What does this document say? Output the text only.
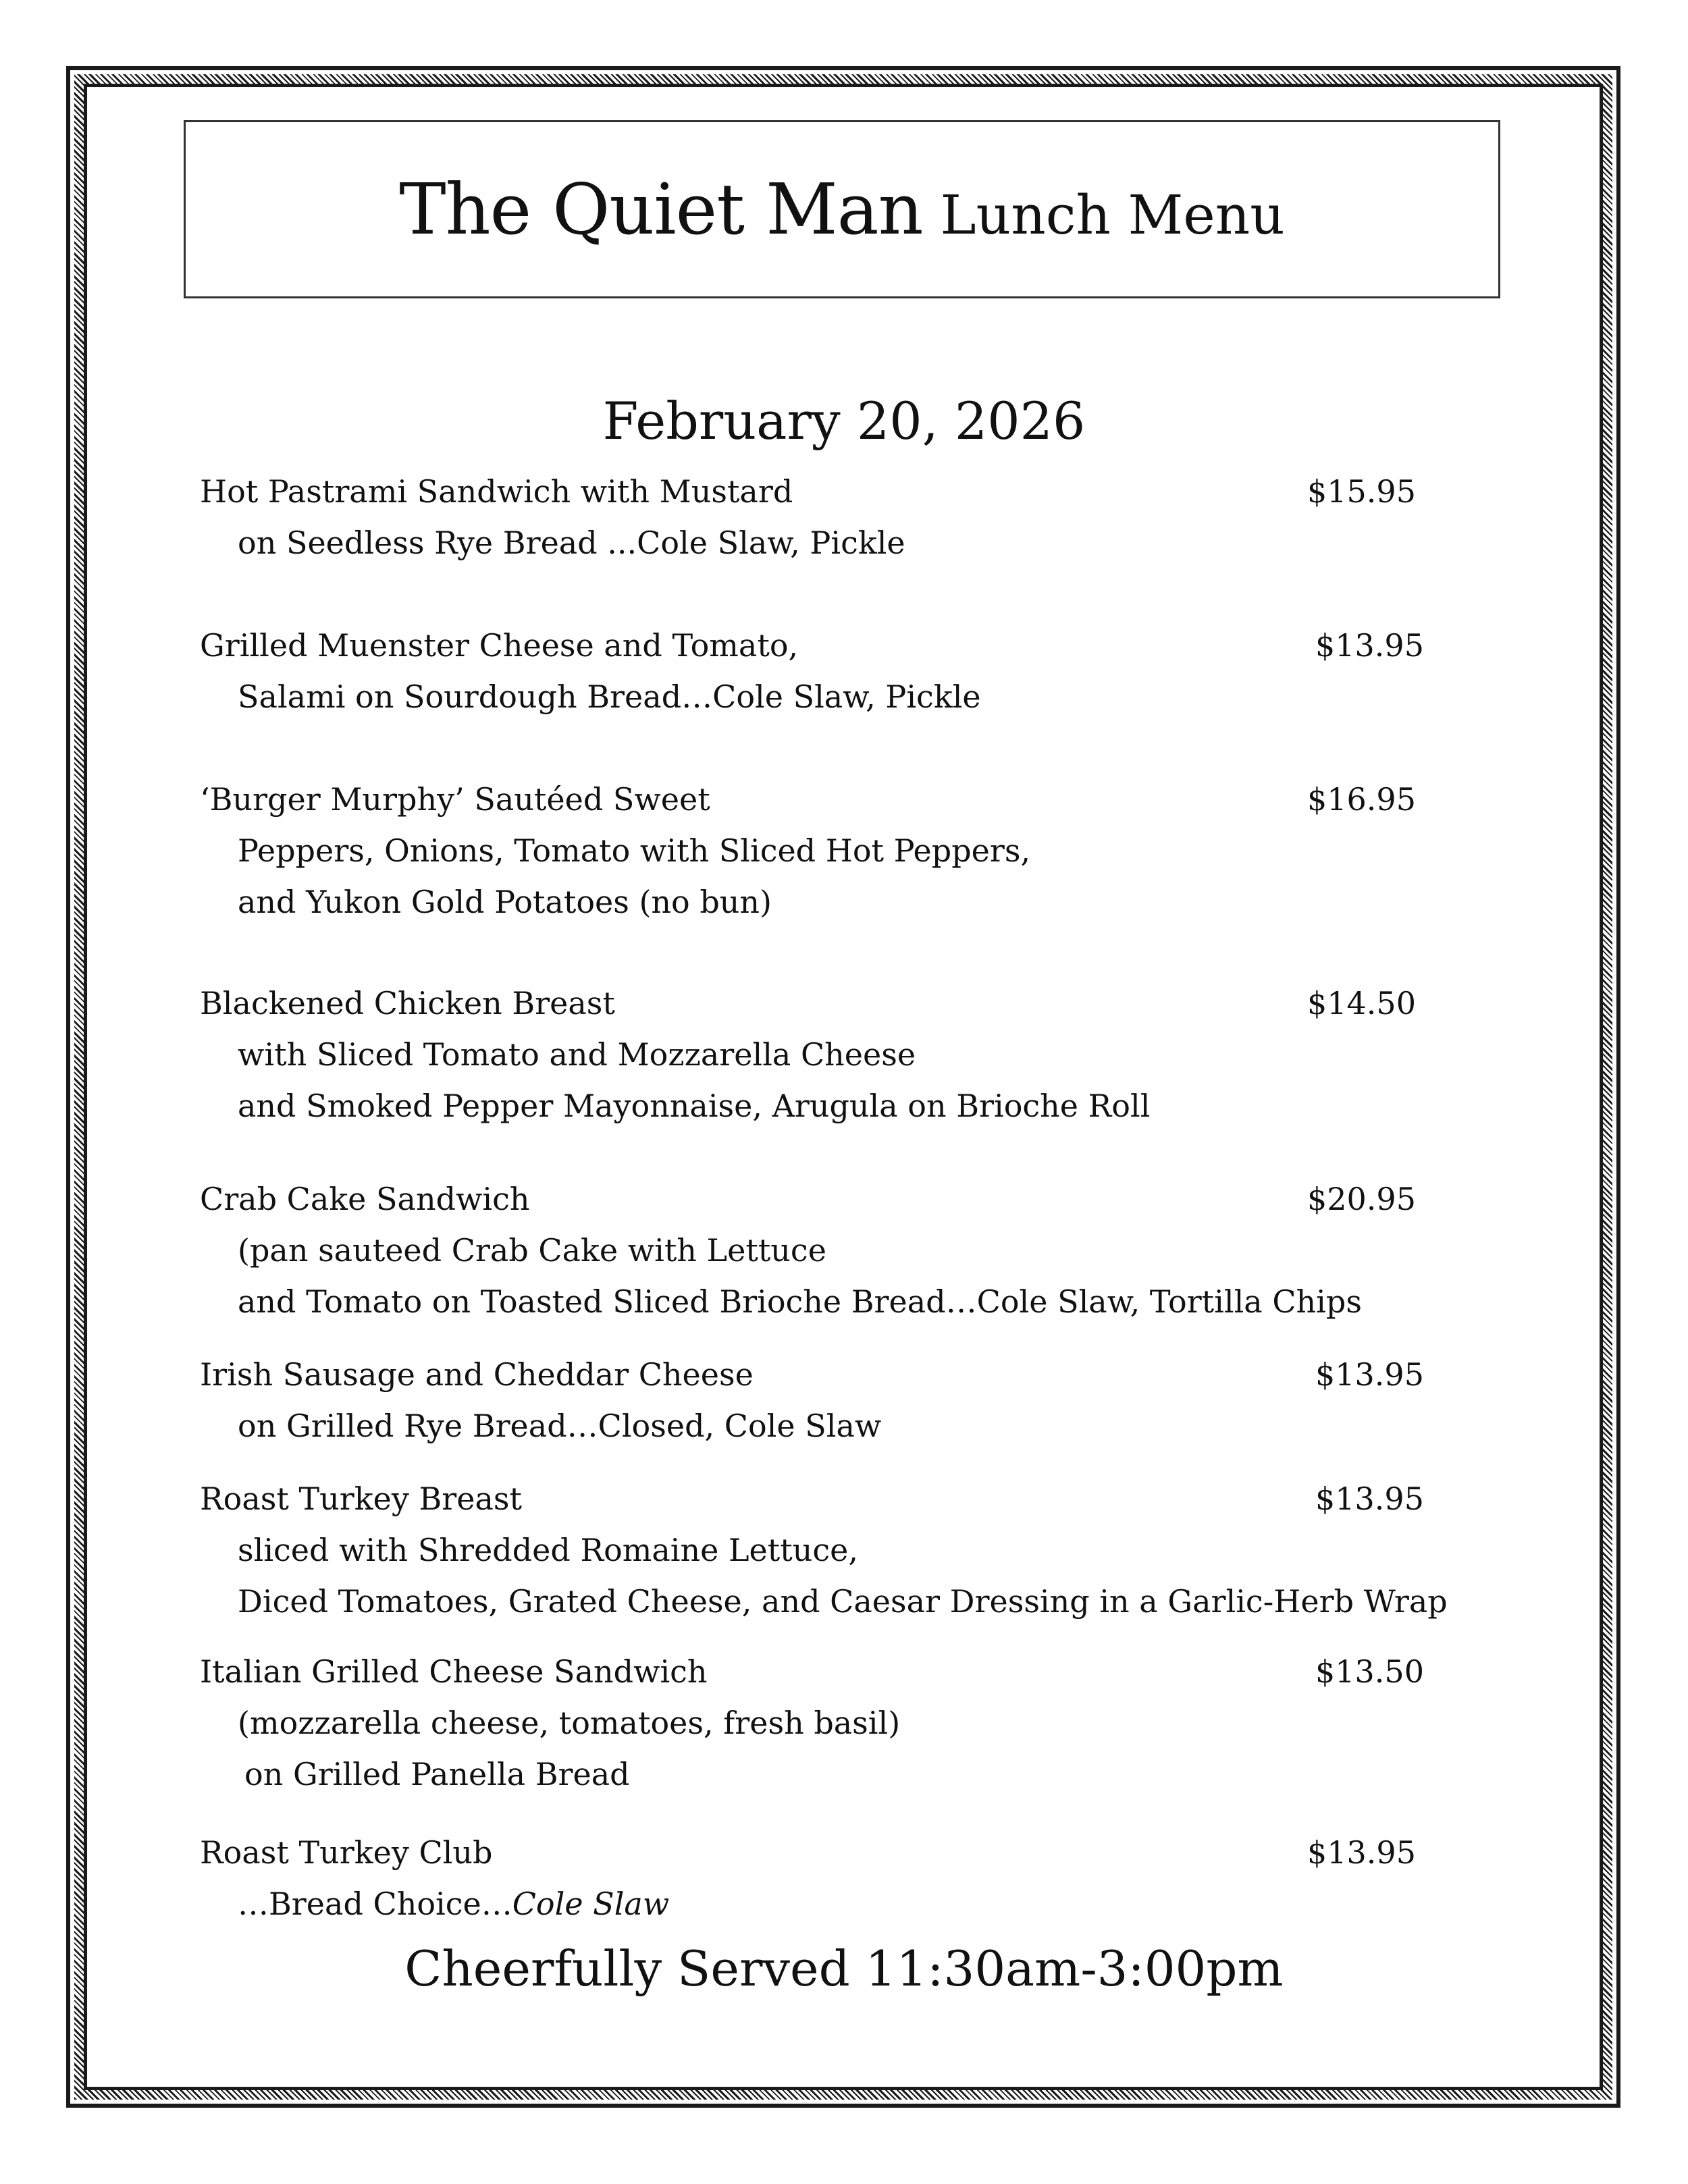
The Quiet Man Lunch Menu
February 20, 2026
Hot Pastrami Sandwich with Mustard	$15.95
on Seedless Rye Bread ...Cole Slaw, Pickle
Grilled Muenster Cheese and Tomato,	$13.95
Salami on Sourdough Bread…Cole Slaw, Pickle
‘Burger Murphy’ Sautéed Sweet	$16.95
Peppers, Onions, Tomato with Sliced Hot Peppers,
and Yukon Gold Potatoes (no bun)
Blackened Chicken Breast	$14.50
with Sliced Tomato and Mozzarella Cheese
and Smoked Pepper Mayonnaise, Arugula on Brioche Roll
Crab Cake Sandwich	$20.95
(pan sauteed Crab Cake with Lettuce
and Tomato on Toasted Sliced Brioche Bread…Cole Slaw, Tortilla Chips
Irish Sausage and Cheddar Cheese	$13.95
on Grilled Rye Bread…Closed, Cole Slaw
Roast Turkey Breast	$13.95
sliced with Shredded Romaine Lettuce,
Diced Tomatoes, Grated Cheese, and Caesar Dressing in a Garlic-Herb Wrap
Italian Grilled Cheese Sandwich	$13.50
(mozzarella cheese, tomatoes, fresh basil)
on Grilled Panella Bread
Roast Turkey Club	$13.95
…Bread Choice…Cole Slaw
Cheerfully Served 11:30am-3:00pm
